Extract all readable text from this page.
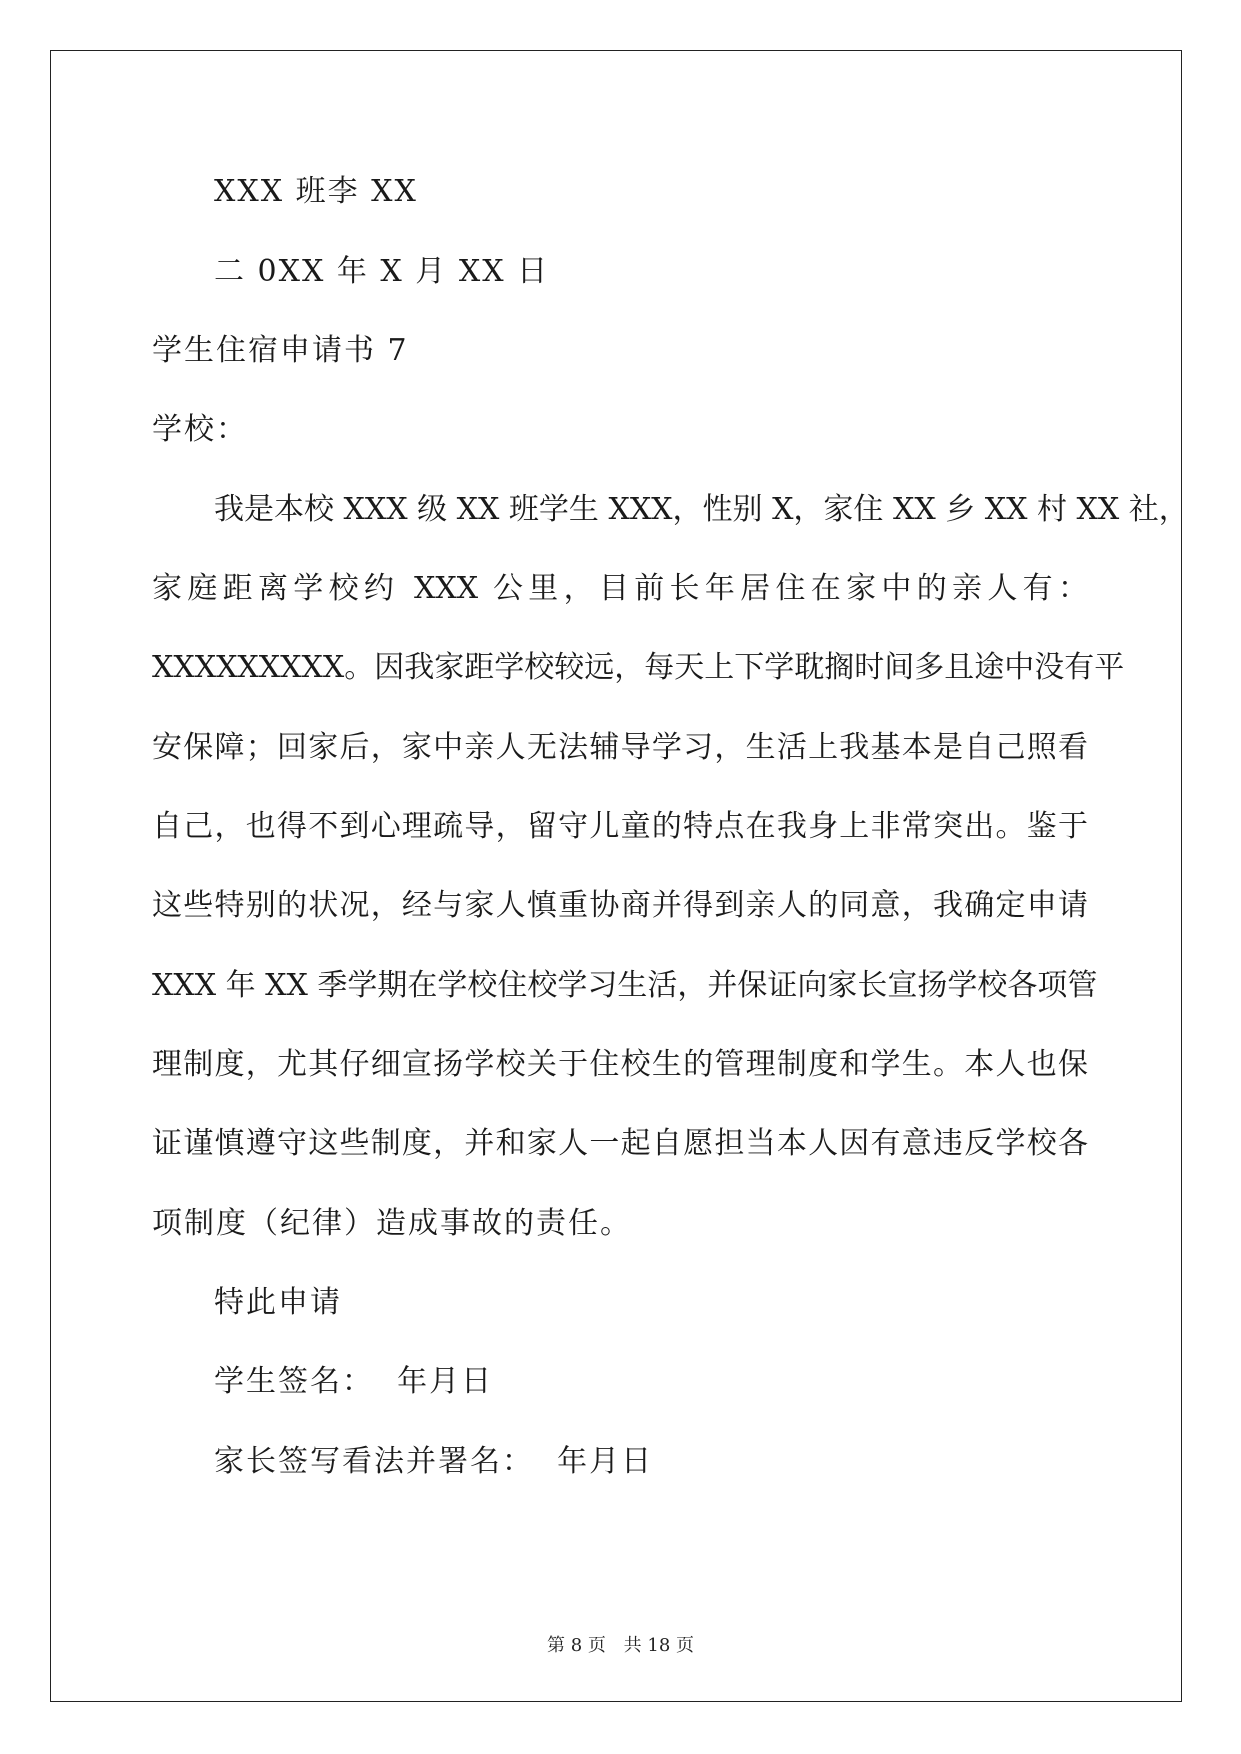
XXX 班李 XX
二 0XX 年 X 月 XX 日
学生住宿申请书 7
学校：
我是本校 XXX 级 XX 班学生 XXX，性别 X，家住 XX 乡 XX 村 XX 社，
家庭距离学校约 XXX 公里，目前长年居住在家中的亲人有：
XXXXXXXXX。因我家距学校较远，每天上下学耽搁时间多且途中没有平
安保障；回家后，家中亲人无法辅导学习，生活上我基本是自己照看
自己，也得不到心理疏导，留守儿童的特点在我身上非常突出。鉴于
这些特别的状况，经与家人慎重协商并得到亲人的同意，我确定申请
XXX 年 XX 季学期在学校住校学习生活，并保证向家长宣扬学校各项管
理制度，尤其仔细宣扬学校关于住校生的管理制度和学生。本人也保
证谨慎遵守这些制度，并和家人一起自愿担当本人因有意违反学校各
项制度（纪律）造成事故的责任。
特此申请
学生签名：  年月日
家长签写看法并署名：  年月日
第 8 页 共 18 页
